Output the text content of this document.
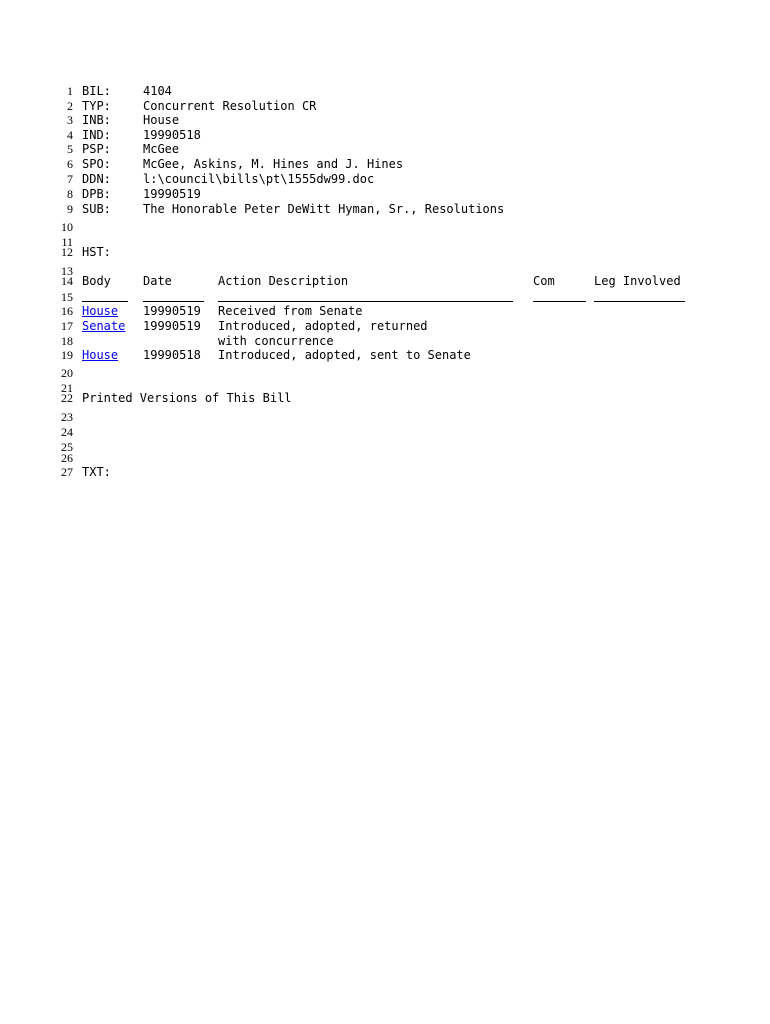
1
2
3
4
5
6
7
8
9
10
11
12
13
14
15
16
17
18
19
20
21
22
23
24
25
26
27
BIL:	4104
TYP:	Concurrent Resolution CR
INB:	House
IND:	19990518
PSP:	McGee
SPO:	McGee, Askins, M. Hines and J. Hines
DDN:	l:\council\bills\pt\1555dw99.doc
DPB:	19990519
SUB:	The Honorable Peter DeWitt Hyman, Sr., Resolutions
HST:
Body	Date	Action Description	Com	Leg Involved
House 19990519 Received from Senate
Senate 19990519 Introduced, adopted, returned
with concurrence
House 19990518 Introduced, adopted, sent to Senate
Printed Versions of This Bill
TXT:
